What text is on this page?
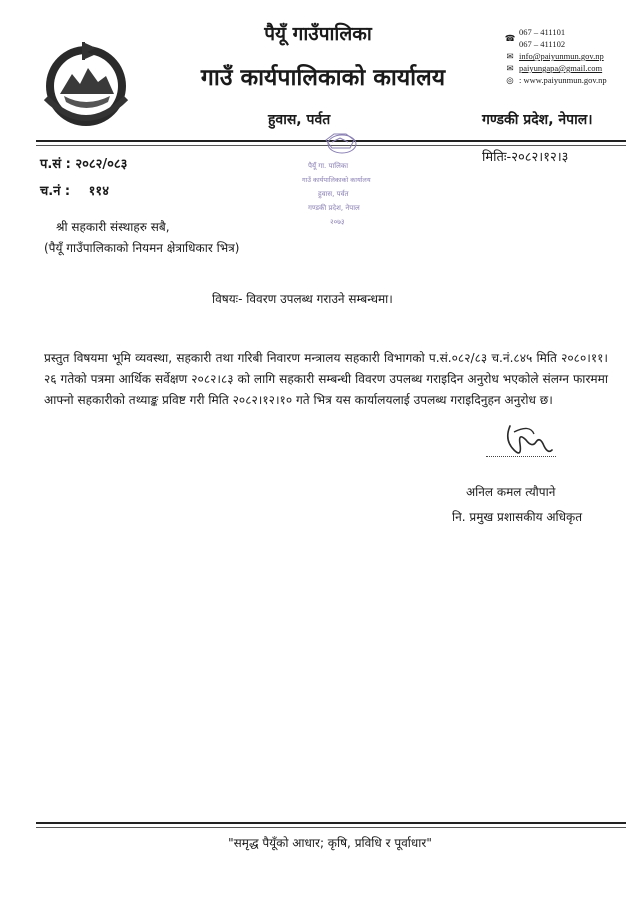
पैयूँ गाउँपालिका
गाउँ कार्यपालिकाको कार्यालय
हुवास, पर्वत
☎
067 – 411101
067 – 411102
✉ info@paiyunmun.gov.np
✉ paiyungapa@gmail.com
◎ : www.paiyunmun.gov.np
गण्डकी प्रदेश, नेपाल।
प.सं : २०८२/०८३
च.नं : ११४
मितिः-२०८२।१२।३
पैयूँ गा. पालिका
गाउँ कार्यपालिकाको कार्यालय
हुवास, पर्वत
गण्डकी प्रदेश, नेपाल
२०७३
श्री सहकारी संस्थाहरु सबै,
(पैयूँ गाउँपालिकाको नियमन क्षेत्राधिकार भित्र)
विषयः- विवरण उपलब्ध गराउने सम्बन्धमा।
प्रस्तुत विषयमा भूमि व्यवस्था, सहकारी तथा गरिबी निवारण मन्त्रालय सहकारी विभागको प.सं.०८२/८३ च.नं.८४५ मिति २०८०।११।२६ गतेको पत्रमा आर्थिक सर्वेक्षण २०८२।८३ को लागि सहकारी सम्बन्धी विवरण उपलब्ध गराइदिन अनुरोध भएकोले संलग्न फारममा आफ्नो सहकारीको तथ्याङ्क प्रविष्ट गरी मिति २०८२।१२।१० गते भित्र यस कार्यालयलाई उपलब्ध गराइदिनुहन अनुरोध छ।
अनिल कमल त्यौपाने
नि. प्रमुख प्रशासकीय अधिकृत
"समृद्ध पैयूँको आधार; कृषि, प्रविधि र पूर्वाधार"
